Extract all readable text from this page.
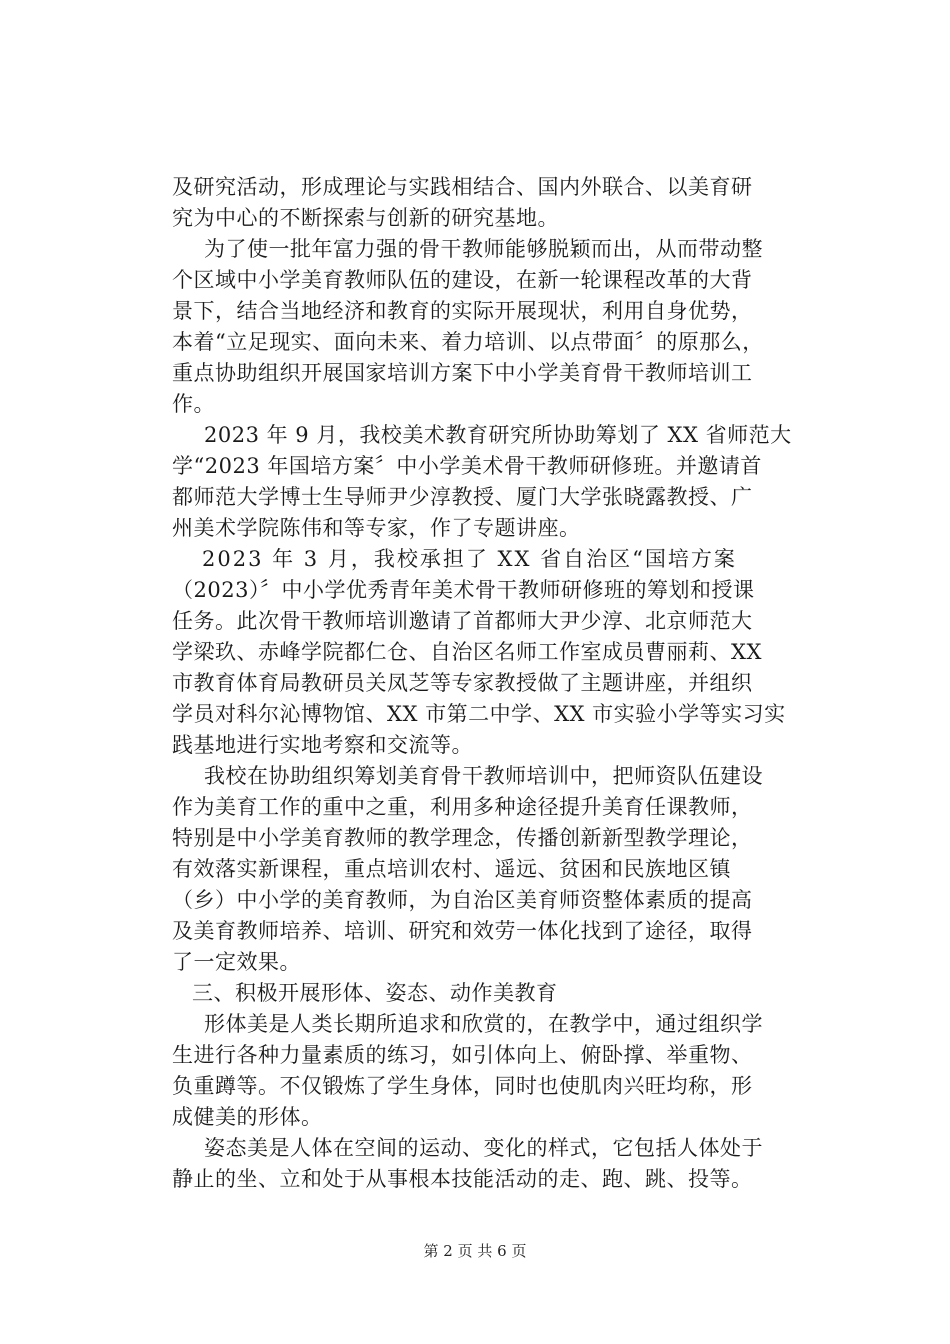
及研究活动，形成理论与实践相结合、国内外联合、以美育研
究为中心的不断探索与创新的研究基地。
为了使一批年富力强的骨干教师能够脱颖而出，从而带动整
个区域中小学美育教师队伍的建设，在新一轮课程改革的大背
景下，结合当地经济和教育的实际开展现状，利用自身优势，
本着“立足现实、面向未来、着力培训、以点带面〞的原那么，
重点协助组织开展国家培训方案下中小学美育骨干教师培训工
作。
2023 年 9 月，我校美术教育研究所协助筹划了 XX 省师范大
学“2023 年国培方案〞中小学美术骨干教师研修班。并邀请首
都师范大学博士生导师尹少淳教授、厦门大学张晓露教授、广
州美术学院陈伟和等专家，作了专题讲座。
2023 年 3 月，我校承担了 XX 省自治区“国培方案
（2023）〞中小学优秀青年美术骨干教师研修班的筹划和授课
任务。此次骨干教师培训邀请了首都师大尹少淳、北京师范大
学梁玖、赤峰学院都仁仓、自治区名师工作室成员曹丽莉、XX
市教育体育局教研员关凤芝等专家教授做了主题讲座，并组织
学员对科尔沁博物馆、XX 市第二中学、XX 市实验小学等实习实
践基地进行实地考察和交流等。
我校在协助组织筹划美育骨干教师培训中，把师资队伍建设
作为美育工作的重中之重，利用多种途径提升美育任课教师，
特别是中小学美育教师的教学理念，传播创新新型教学理论，
有效落实新课程，重点培训农村、遥远、贫困和民族地区镇
（乡）中小学的美育教师，为自治区美育师资整体素质的提高
及美育教师培养、培训、研究和效劳一体化找到了途径，取得
了一定效果。
三、积极开展形体、姿态、动作美教育
形体美是人类长期所追求和欣赏的，在教学中，通过组织学
生进行各种力量素质的练习，如引体向上、俯卧撑、举重物、
负重蹲等。不仅锻炼了学生身体，同时也使肌肉兴旺均称，形
成健美的形体。
姿态美是人体在空间的运动、变化的样式，它包括人体处于
静止的坐、立和处于从事根本技能活动的走、跑、跳、投等。
第 2 页 共 6 页
